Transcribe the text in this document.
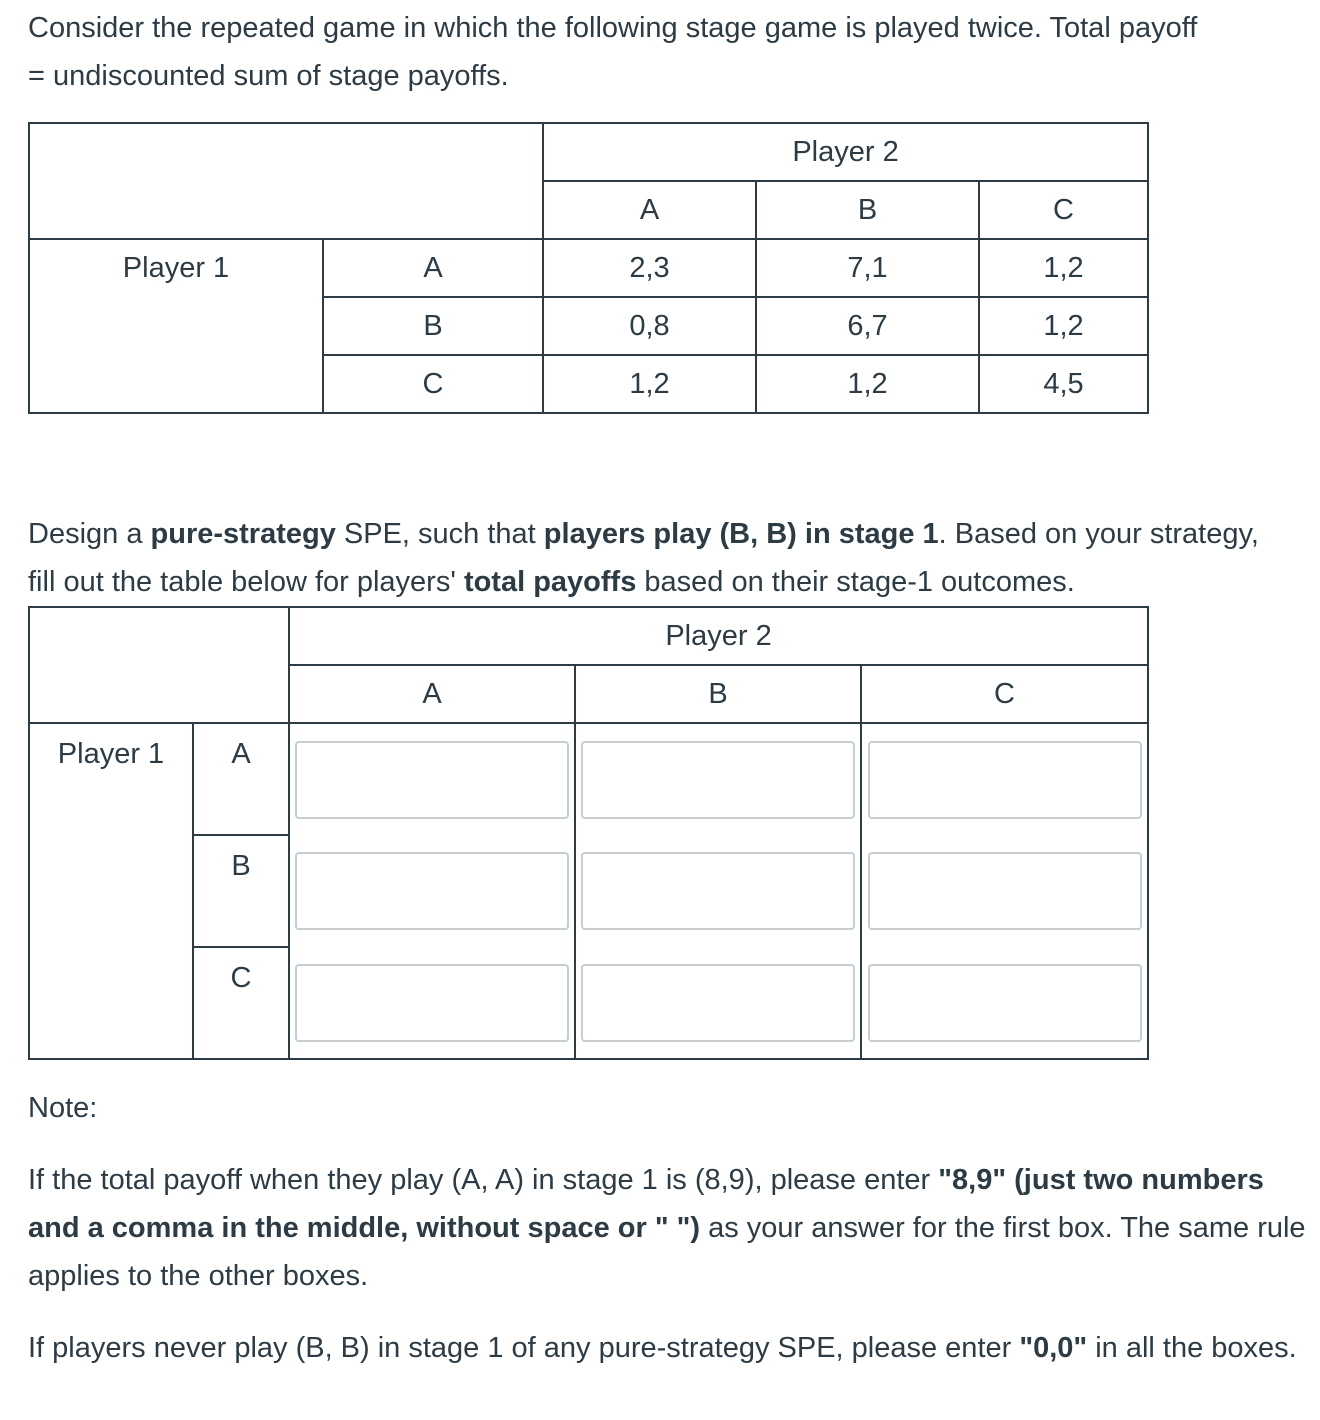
Consider the repeated game in which the following stage game is played twice. Total payoff
= undiscounted sum of stage payoffs.

		Player 2		
		A	B	C
Player 1	A	2,3	7,1	1,2
	B	0,8	6,7	1,2
	C	1,2	1,2	4,5

Design a pure-strategy SPE, such that players play (B, B) in stage 1. Based on your strategy,
fill out the table below for players' total payoffs based on their stage-1 outcomes.

		Player 2		
		A	B	C
Player 1	A	

	B	

	C	

Note:

If the total payoff when they play (A, A) in stage 1 is (8,9), please enter "8,9" (just two numbers and a comma in the middle, without space or " ") as your answer for the first box. The same rule applies to the other boxes.

If players never play (B, B) in stage 1 of any pure-strategy SPE, please enter "0,0" in all the boxes.
